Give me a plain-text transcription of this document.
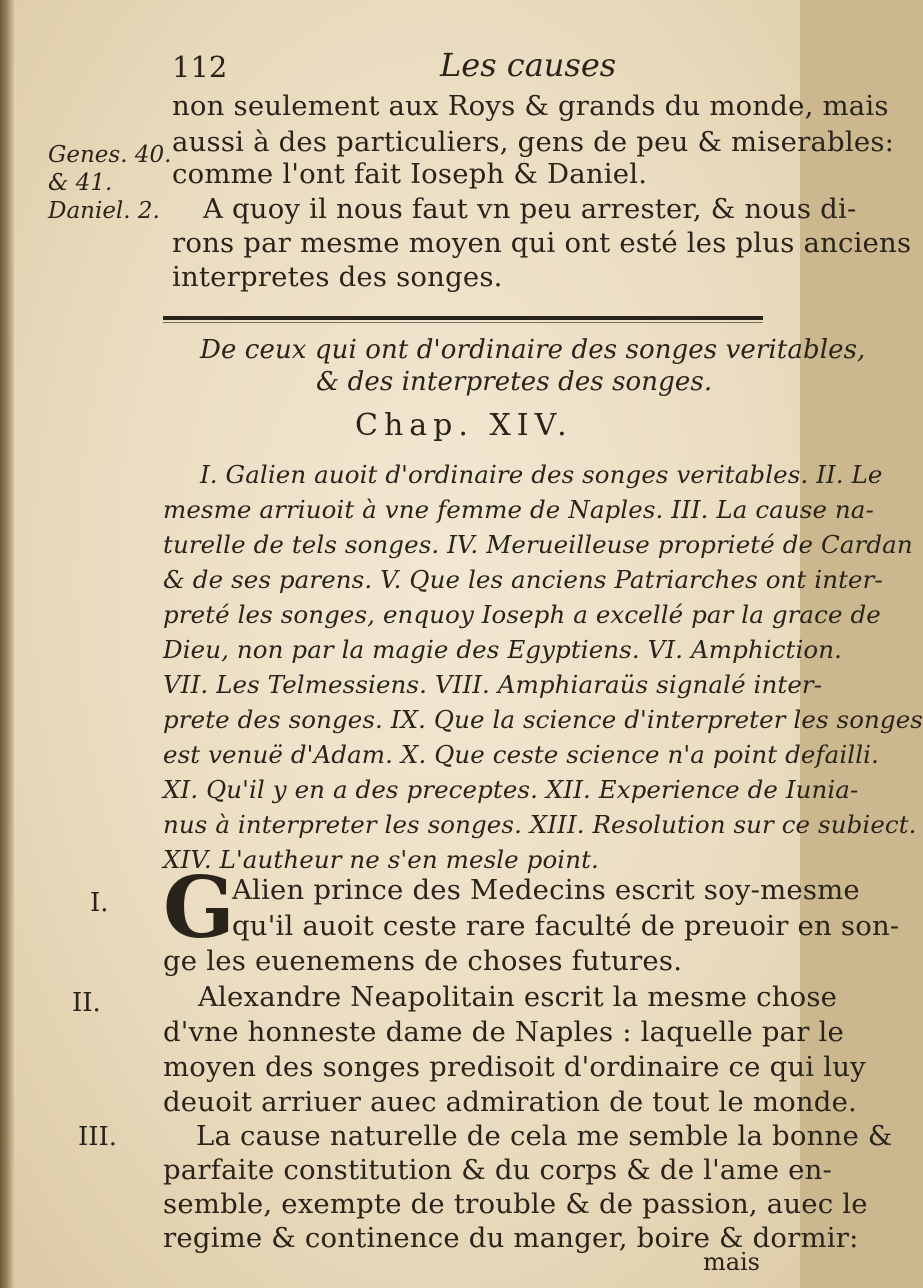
112	Les causes
Genes. 40.
& 41.
Daniel. 2.
non seulement aux Roys & grands du monde, mais
aussi à des particuliers, gens de peu & miserables:
comme l'ont fait Ioseph & Daniel.
A quoy il nous faut vn peu arrester, & nous di-
rons par mesme moyen qui ont esté les plus anciens
interpretes des songes.
De ceux qui ont d'ordinaire des songes veritables,
& des interpretes des songes.
Chap. XIV.
I. Galien auoit d'ordinaire des songes veritables. II. Le
mesme arriuoit à vne femme de Naples. III. La cause na-
turelle de tels songes. IV. Merueilleuse proprieté de Cardan
& de ses parens. V. Que les anciens Patriarches ont inter-
preté les songes, enquoy Ioseph a excellé par la grace de
Dieu, non par la magie des Egyptiens. VI. Amphiction.
VII. Les Telmessiens. VIII. Amphiaraüs signalé inter-
prete des songes. IX. Que la science d'interpreter les songes
est venuë d'Adam. X. Que ceste science n'a point defailli.
XI. Qu'il y en a des preceptes. XII. Experience de Iunia-
nus à interpreter les songes. XIII. Resolution sur ce subiect.
XIV. L'autheur ne s'en mesle point.
I.
II.
III.
G
Alien prince des Medecins escrit soy-mesme
qu'il auoit ceste rare faculté de preuoir en son-
ge les euenemens de choses futures.
Alexandre Neapolitain escrit la mesme chose
d'vne honneste dame de Naples : laquelle par le
moyen des songes predisoit d'ordinaire ce qui luy
deuoit arriuer auec admiration de tout le monde.
La cause naturelle de cela me semble la bonne &
parfaite constitution & du corps & de l'ame en-
semble, exempte de trouble & de passion, auec le
regime & continence du manger, boire & dormir:
mais
